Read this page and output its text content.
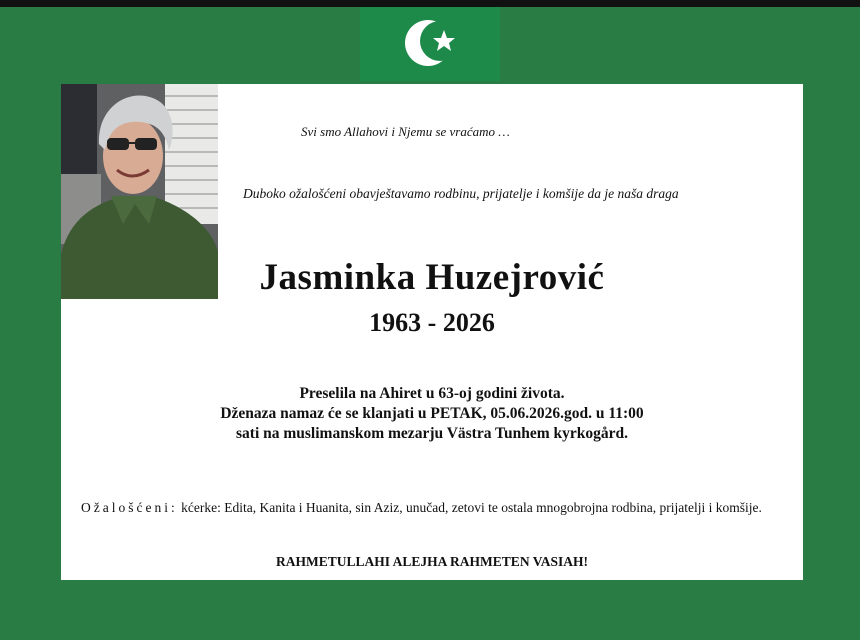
Svi smo Allahovi i Njemu se vraćamo …
Duboko ožalošćeni obavještavamo rodbinu, prijatelje i komšije da je naša draga
Jasminka Huzejrović
1963 - 2026
Preselila na Ahiret u 63-oj godini života.
Dženaza namaz će se klanjati u PETAK, 05.06.2026.god. u 11:00
sati na muslimanskom mezarju Västra Tunhem kyrkogård.
Ožalošćeni: kćerke: Edita, Kanita i Huanita, sin Aziz, unučad, zetovi te ostala mnogobrojna rodbina, prijatelji i komšije.
RAHMETULLAHI ALEJHA RAHMETEN VASIAH!
